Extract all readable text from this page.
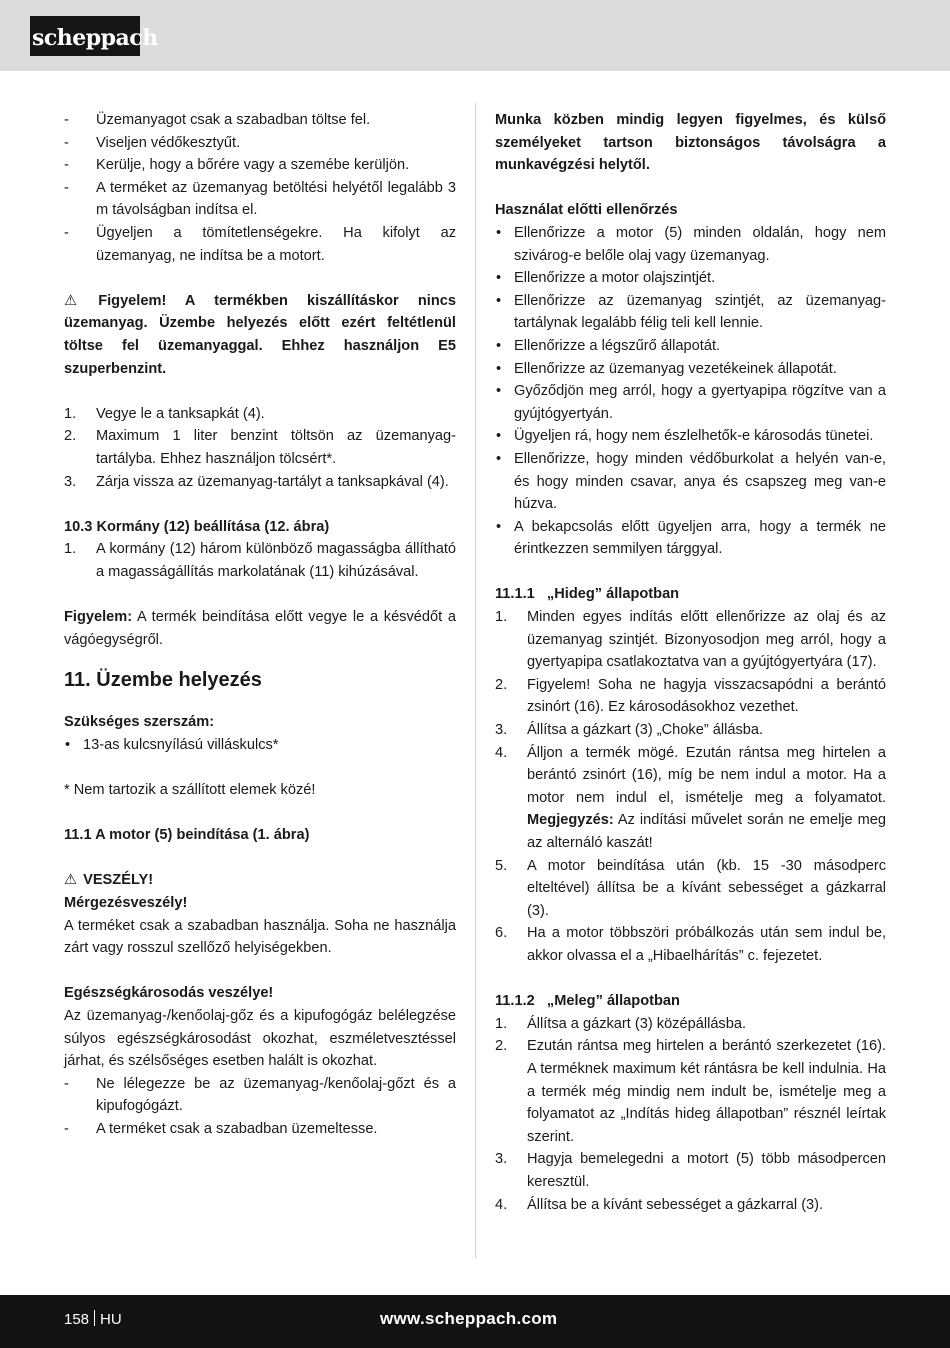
scheppach
- Üzemanyagot csak a szabadban töltse fel.
- Viseljen védőkesztyűt.
- Kerülje, hogy a bőrére vagy a szemébe kerüljön.
- A terméket az üzemanyag betöltési helyétől legalább 3 m távolságban indítsa el.
- Ügyeljen a tömítetlenségekre. Ha kifolyt az üzemanyag, ne indítsa be a motort.

⚠ Figyelem! A termékben kiszállításkor nincs üzemanyag. Üzembe helyezés előtt ezért feltétlenül töltse fel üzemanyaggal. Ehhez használjon E5 szuperbenzint.

1. Vegye le a tanksapkát (4).
2. Maximum 1 liter benzint töltsön az üzemanyag-tartályba. Ehhez használjon tölcsért*.
3. Zárja vissza az üzemanyag-tartályt a tanksapkával (4).

10.3 Kormány (12) beállítása (12. ábra)

1. A kormány (12) három különböző magasságba állítható a magasságállítás markolatának (11) kihúzásával.

Figyelem: A termék beindítása előtt vegye le a késvédőt a vágóegységről.

11. Üzembe helyezés

Szükséges szerszám:

• 13-as kulcsnyílású villáskulcs*

* Nem tartozik a szállított elemek közé!

11.1 A motor (5) beindítása (1. ábra)

⚠ VESZÉLY!

Mérgezésveszély!

A terméket csak a szabadban használja. Soha ne használja zárt vagy rosszul szellőző helyiségekben.

Egészségkárosodás veszélye!

Az üzemanyag-/kenőolaj-gőz és a kipufogógáz belélegzése súlyos egészségkárosodást okozhat, eszméletvesztéssel járhat, és szélsőséges esetben halált is okozhat.

- Ne lélegezze be az üzemanyag-/kenőolaj-gőzt és a kipufogógázt.
- A terméket csak a szabadban üzemeltesse.

Munka közben mindig legyen figyelmes, és külső személyeket tartson biztonságos távolságra a munkavégzési helytől.

Használat előtti ellenőrzés

• Ellenőrizze a motor (5) minden oldalán, hogy nem szivárog-e belőle olaj vagy üzemanyag.
• Ellenőrizze a motor olajszintjét.
• Ellenőrizze az üzemanyag szintjét, az üzemanyag-tartálynak legalább félig teli kell lennie.
• Ellenőrizze a légszűrő állapotát.
• Ellenőrizze az üzemanyag vezetékeinek állapotát.
• Győződjön meg arról, hogy a gyertyapipa rögzítve van a gyújtógyertyán.
• Ügyeljen rá, hogy nem észlelhetők-e károsodás tünetei.
• Ellenőrizze, hogy minden védőburkolat a helyén van-e, és hogy minden csavar, anya és csapszeg meg van-e húzva.
• A bekapcsolás előtt ügyeljen arra, hogy a termék ne érintkezzen semmilyen tárggyal.

11.1.1   „Hideg” állapotban

1. Minden egyes indítás előtt ellenőrizze az olaj és az üzemanyag szintjét. Bizonyosodjon meg arról, hogy a gyertyapipa csatlakoztatva van a gyújtógyertyára (17).
2. Figyelem! Soha ne hagyja visszacsapódni a berántó zsinórt (16). Ez károsodásokhoz vezethet.
3. Állítsa a gázkart (3) „Choke” állásba.
4. Álljon a termék mögé. Ezután rántsa meg hirtelen a berántó zsinórt (16), míg be nem indul a motor. Ha a motor nem indul el, ismételje meg a folyamatot. Megjegyzés: Az indítási művelet során ne emelje meg az alternáló kaszát!
5. A motor beindítása után (kb. 15 -30 másodperc elteltével) állítsa be a kívánt sebességet a gázkarral (3).
6. Ha a motor többszöri próbálkozás után sem indul be, akkor olvassa el a „Hibaelhárítás” c. fejezetet.

11.1.2   „Meleg” állapotban

1. Állítsa a gázkart (3) középállásba.
2. Ezután rántsa meg hirtelen a berántó szerkezetet (16). A terméknek maximum két rántásra be kell indulnia. Ha a termék még mindig nem indult be, ismételje meg a folyamatot az „Indítás hideg állapotban” résznél leírtak szerint.
3. Hagyja bemelegedni a motort (5) több másodpercen keresztül.
4. Állítsa be a kívánt sebességet a gázkarral (3).
158 HU	www.scheppach.com
